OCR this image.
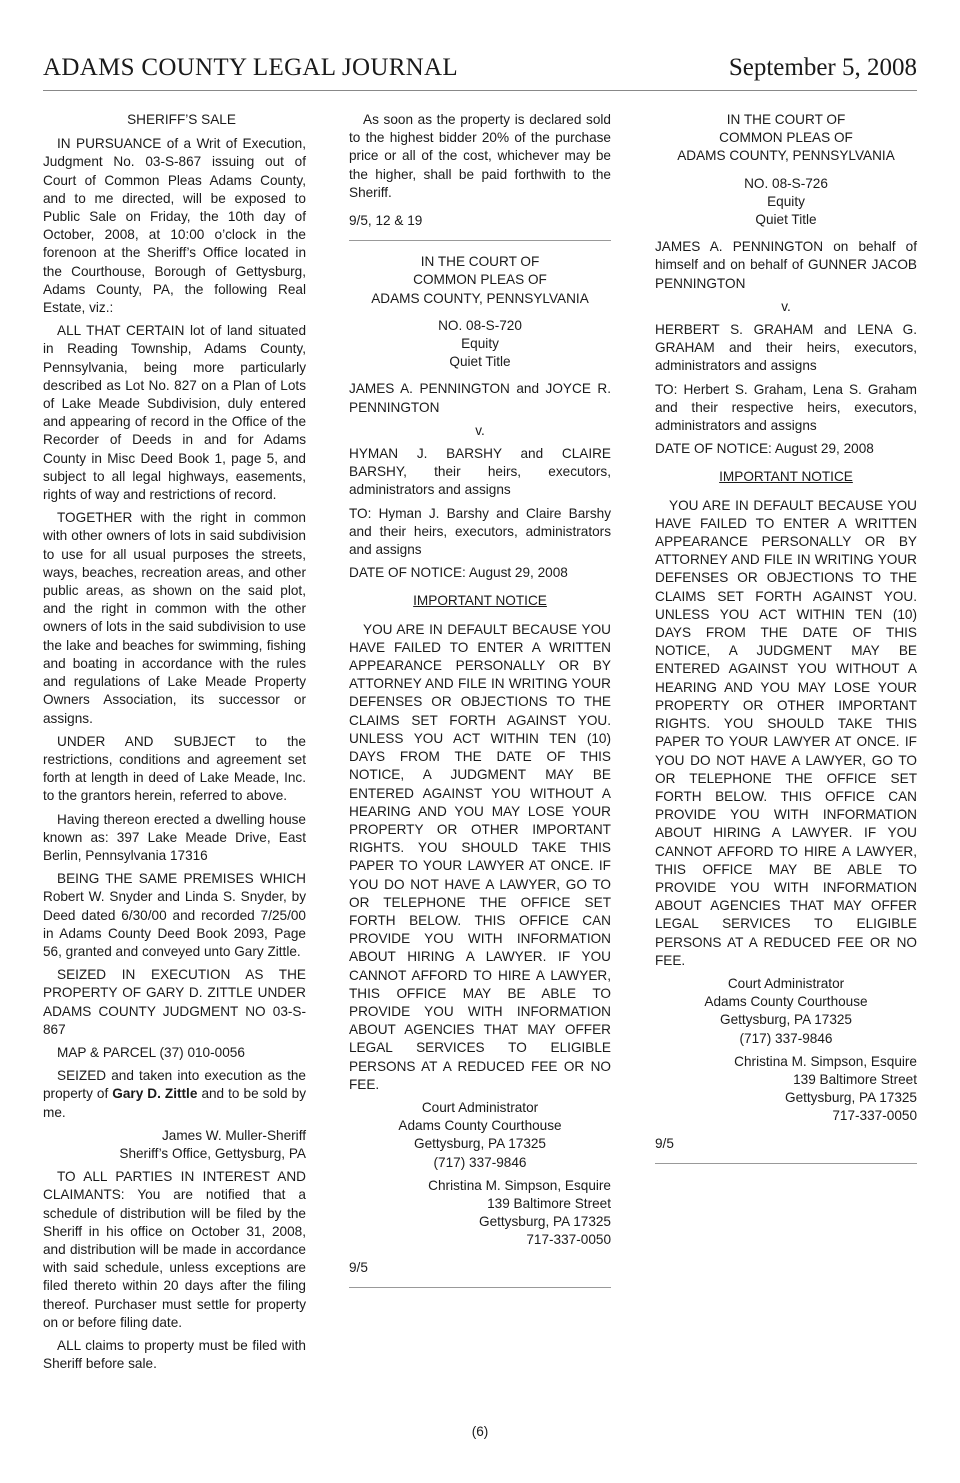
ADAMS COUNTY LEGAL JOURNAL	September 5, 2008

SHERIFF’S SALE

IN PURSUANCE of a Writ of Execution, Judgment No. 03-S-867 issuing out of Court of Common Pleas Adams County, and to me directed, will be exposed to Public Sale on Friday, the 10th day of October, 2008, at 10:00 o’clock in the forenoon at the Sheriff’s Office located in the Courthouse, Borough of Gettysburg, Adams County, PA, the following Real Estate, viz.:

ALL THAT CERTAIN lot of land situated in Reading Township, Adams County, Pennsylvania, being more particularly described as Lot No. 827 on a Plan of Lots of Lake Meade Subdivision, duly entered and appearing of record in the Office of the Recorder of Deeds in and for Adams County in Misc Deed Book 1, page 5, and subject to all legal highways, easements, rights of way and restrictions of record.

TOGETHER with the right in common with other owners of lots in said subdivision to use for all usual purposes the streets, ways, beaches, recreation areas, and other public areas, as shown on the said plot, and the right in common with the other owners of lots in the said subdivision to use the lake and beaches for swimming, fishing and boating in accordance with the rules and regulations of Lake Meade Property Owners Association, its successor or assigns.

UNDER AND SUBJECT to the restrictions, conditions and agreement set forth at length in deed of Lake Meade, Inc. to the grantors herein, referred to above.

Having thereon erected a dwelling house known as: 397 Lake Meade Drive, East Berlin, Pennsylvania 17316

BEING THE SAME PREMISES WHICH Robert W. Snyder and Linda S. Snyder, by Deed dated 6/30/00 and recorded 7/25/00 in Adams County Deed Book 2093, Page 56, granted and conveyed unto Gary Zittle.

SEIZED IN EXECUTION AS THE PROPERTY OF GARY D. ZITTLE UNDER ADAMS COUNTY JUDGMENT NO 03-S-867

MAP & PARCEL (37) 010-0056

SEIZED and taken into execution as the property of Gary D. Zittle and to be sold by me.

James W. Muller-Sheriff

Sheriff’s Office, Gettysburg, PA

TO ALL PARTIES IN INTEREST AND CLAIMANTS: You are notified that a schedule of distribution will be filed by the Sheriff in his office on October 31, 2008, and distribution will be made in accordance with said schedule, unless exceptions are filed thereto within 20 days after the filing thereof. Purchaser must settle for property on or before filing date.

ALL claims to property must be filed with Sheriff before sale.

As soon as the property is declared sold to the highest bidder 20% of the purchase price or all of the cost, whichever may be the higher, shall be paid forthwith to the Sheriff.

9/5, 12 & 19

IN THE COURT OF

COMMON PLEAS OF

ADAMS COUNTY, PENNSYLVANIA

NO. 08-S-720

Equity

Quiet Title

JAMES A. PENNINGTON and JOYCE R. PENNINGTON

v.

HYMAN J. BARSHY and CLAIRE BARSHY, their heirs, executors, administrators and assigns

TO: Hyman J. Barshy and Claire Barshy and their heirs, executors, administrators and assigns

DATE OF NOTICE: August 29, 2008

IMPORTANT NOTICE

YOU ARE IN DEFAULT BECAUSE YOU HAVE FAILED TO ENTER A WRITTEN APPEARANCE PERSONALLY OR BY ATTORNEY AND FILE IN WRITING YOUR DEFENSES OR OBJECTIONS TO THE CLAIMS SET FORTH AGAINST YOU. UNLESS YOU ACT WITHIN TEN (10) DAYS FROM THE DATE OF THIS NOTICE, A JUDGMENT MAY BE ENTERED AGAINST YOU WITHOUT A HEARING AND YOU MAY LOSE YOUR PROPERTY OR OTHER IMPORTANT RIGHTS. YOU SHOULD TAKE THIS PAPER TO YOUR LAWYER AT ONCE. IF YOU DO NOT HAVE A LAWYER, GO TO OR TELEPHONE THE OFFICE SET FORTH BELOW. THIS OFFICE CAN PROVIDE YOU WITH INFORMATION ABOUT HIRING A LAWYER. IF YOU CANNOT AFFORD TO HIRE A LAWYER, THIS OFFICE MAY BE ABLE TO PROVIDE YOU WITH INFORMATION ABOUT AGENCIES THAT MAY OFFER LEGAL SERVICES TO ELIGIBLE PERSONS AT A REDUCED FEE OR NO FEE.

Court Administrator

Adams County Courthouse

Gettysburg, PA 17325

(717) 337-9846

Christina M. Simpson, Esquire

139 Baltimore Street

Gettysburg, PA 17325

717-337-0050

9/5

IN THE COURT OF

COMMON PLEAS OF

ADAMS COUNTY, PENNSYLVANIA

NO. 08-S-726

Equity

Quiet Title

JAMES A. PENNINGTON on behalf of himself and on behalf of GUNNER JACOB PENNINGTON

v.

HERBERT S. GRAHAM and LENA G. GRAHAM and their heirs, executors, administrators and assigns

TO: Herbert S. Graham, Lena S. Graham and their respective heirs, executors, administrators and assigns

DATE OF NOTICE: August 29, 2008

IMPORTANT NOTICE

YOU ARE IN DEFAULT BECAUSE YOU HAVE FAILED TO ENTER A WRITTEN APPEARANCE PERSONALLY OR BY ATTORNEY AND FILE IN WRITING YOUR DEFENSES OR OBJECTIONS TO THE CLAIMS SET FORTH AGAINST YOU. UNLESS YOU ACT WITHIN TEN (10) DAYS FROM THE DATE OF THIS NOTICE, A JUDGMENT MAY BE ENTERED AGAINST YOU WITHOUT A HEARING AND YOU MAY LOSE YOUR PROPERTY OR OTHER IMPORTANT RIGHTS. YOU SHOULD TAKE THIS PAPER TO YOUR LAWYER AT ONCE. IF YOU DO NOT HAVE A LAWYER, GO TO OR TELEPHONE THE OFFICE SET FORTH BELOW. THIS OFFICE CAN PROVIDE YOU WITH INFORMATION ABOUT HIRING A LAWYER. IF YOU CANNOT AFFORD TO HIRE A LAWYER, THIS OFFICE MAY BE ABLE TO PROVIDE YOU WITH INFORMATION ABOUT AGENCIES THAT MAY OFFER LEGAL SERVICES TO ELIGIBLE PERSONS AT A REDUCED FEE OR NO FEE.

Court Administrator

Adams County Courthouse

Gettysburg, PA 17325

(717) 337-9846

Christina M. Simpson, Esquire

139 Baltimore Street

Gettysburg, PA 17325

717-337-0050

9/5

(6)
